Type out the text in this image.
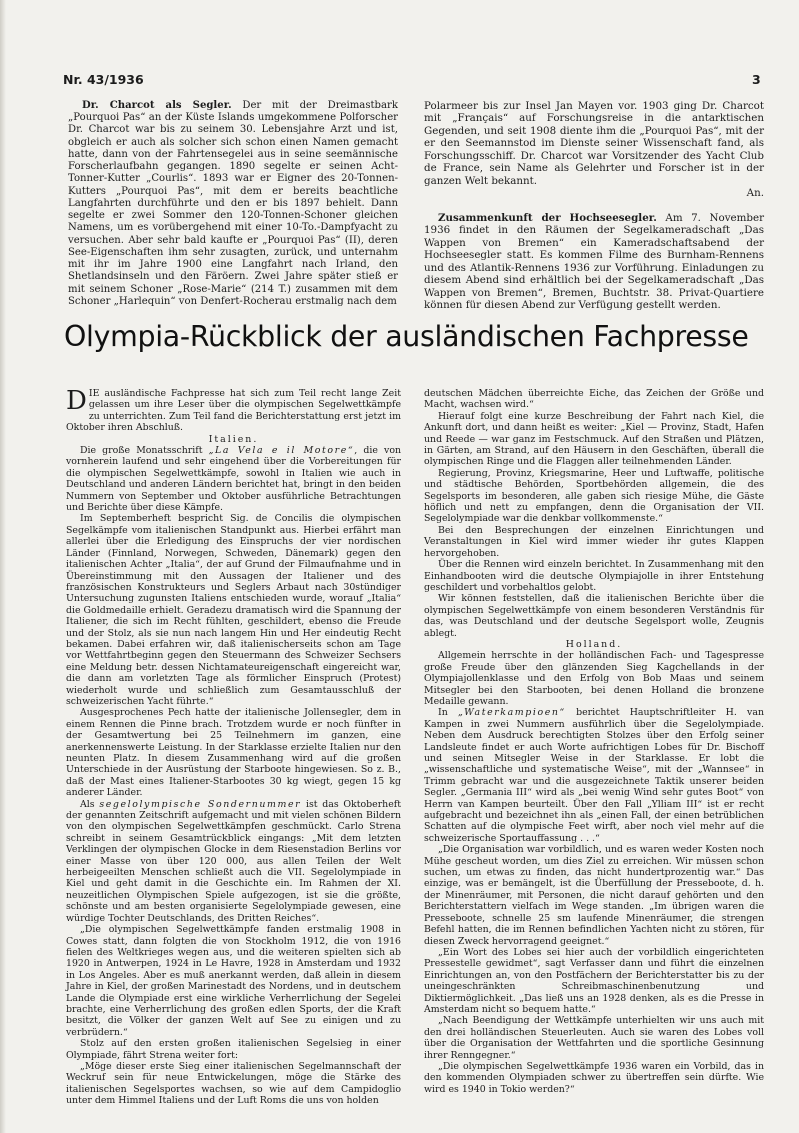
Nr. 43/1936	3

Dr. Charcot als Segler. Der mit der Dreimastbark „Pourquoi Pas“ an der Küste Islands umgekommene Polforscher Dr. Charcot war bis zu seinem 30. Lebensjahre Arzt und ist, obgleich er auch als solcher sich schon einen Namen gemacht hatte, dann von der Fahrtensegelei aus in seine seemännische Forscherlaufbahn gegangen. 1890 segelte er seinen Acht-Tonner-Kutter „Courlis“. 1893 war er Eigner des 20-Tonnen-Kutters „Pourquoi Pas“, mit dem er bereits beachtliche Langfahrten durchführte und den er bis 1897 behielt. Dann segelte er zwei Sommer den 120-Tonnen-Schoner gleichen Namens, um es vorübergehend mit einer 10-To.-Dampfyacht zu versuchen. Aber sehr bald kaufte er „Pourquoi Pas“ (II), deren See-Eigenschaften ihm sehr zusagten, zurück, und unternahm mit ihr im Jahre 1900 eine Langfahrt nach Irland, den Shetlandsinseln und den Färöern. Zwei Jahre später stieß er mit seinem Schoner „Rose-Marie“ (214 T.) zusammen mit dem Schoner „Harlequin“ von Denfert-Rocherau erstmalig nach dem

Polarmeer bis zur Insel Jan Mayen vor. 1903 ging Dr. Charcot mit „Français“ auf Forschungsreise in die antarktischen Gegenden, und seit 1908 diente ihm die „Pourquoi Pas“, mit der er den Seemannstod im Dienste seiner Wissenschaft fand, als Forschungsschiff. Dr. Charcot war Vorsitzender des Yacht Club de France, sein Name als Gelehrter und Forscher ist in der ganzen Welt bekannt.

An.

Zusammenkunft der Hochseesegler. Am 7. November 1936 findet in den Räumen der Segelkameradschaft „Das Wappen von Bremen“ ein Kameradschaftsabend der Hochseesegler statt. Es kommen Filme des Burnham-Rennens und des Atlantik-Rennens 1936 zur Vorführung. Einladungen zu diesem Abend sind erhältlich bei der Segelkameradschaft „Das Wappen von Bremen“, Bremen, Buchtstr. 38. Privat-Quartiere können für diesen Abend zur Verfügung gestellt werden.

Olympia-Rückblick der ausländischen Fachpresse

DIE ausländische Fachpresse hat sich zum Teil recht lange Zeit gelassen um ihre Leser über die olympischen Segelwettkämpfe zu unterrichten. Zum Teil fand die Berichterstattung erst jetzt im Oktober ihren Abschluß.

Italien.

Die große Monatsschrift „La Vela e il Motore“, die von vornherein laufend und sehr eingehend über die Vorbereitungen für die olympischen Segelwettkämpfe, sowohl in Italien wie auch in Deutschland und anderen Ländern berichtet hat, bringt in den beiden Nummern von September und Oktober ausführliche Betrachtungen und Berichte über diese Kämpfe.

Im Septemberheft bespricht Sig. de Concilis die olympischen Segelkämpfe vom italienischen Standpunkt aus. Hierbei erfährt man allerlei über die Erledigung des Einspruchs der vier nordischen Länder (Finnland, Norwegen, Schweden, Dänemark) gegen den italienischen Achter „Italia“, der auf Grund der Filmaufnahme und in Übereinstimmung mit den Aussagen der Italiener und des französischen Konstrukteurs und Seglers Arbaut nach 30stündiger Untersuchung zugunsten Italiens entschieden wurde, worauf „Italia“ die Goldmedaille erhielt. Geradezu dramatisch wird die Spannung der Italiener, die sich im Recht fühlten, geschildert, ebenso die Freude und der Stolz, als sie nun nach langem Hin und Her eindeutig Recht bekamen. Dabei erfahren wir, daß italienischerseits schon am Tage vor Wettfahrtbeginn gegen den Steuermann des Schweizer Sechsers eine Meldung betr. dessen Nichtamateureigenschaft eingereicht war, die dann am vorletzten Tage als förmlicher Einspruch (Protest) wiederholt wurde und schließlich zum Gesamtausschluß der schweizerischen Yacht führte.“

Ausgesprochenes Pech hatte der italienische Jollensegler, dem in einem Rennen die Pinne brach. Trotzdem wurde er noch fünfter in der Gesamtwertung bei 25 Teilnehmern im ganzen, eine anerkennenswerte Leistung. In der Starklasse erzielte Italien nur den neunten Platz. In diesem Zusammenhang wird auf die großen Unterschiede in der Ausrüstung der Starboote hingewiesen. So z. B., daß der Mast eines Italiener-Starbootes 30 kg wiegt, gegen 15 kg anderer Länder.

Als segelolympische Sondernummer ist das Oktoberheft der genannten Zeitschrift aufgemacht und mit vielen schönen Bildern von den olympischen Segelwettkämpfen geschmückt. Carlo Strena schreibt in seinem Gesamtrückblick eingangs: „Mit dem letzten Verklingen der olympischen Glocke in dem Riesenstadion Berlins vor einer Masse von über 120 000, aus allen Teilen der Welt herbeigeeilten Menschen schließt auch die VII. Segelolympiade in Kiel und geht damit in die Geschichte ein. Im Rahmen der XI. neuzeitlichen Olympischen Spiele aufgezogen, ist sie die größte, schönste und am besten organisierte Segelolympiade gewesen, eine würdige Tochter Deutschlands, des Dritten Reiches“.

„Die olympischen Segelwettkämpfe fanden erstmalig 1908 in Cowes statt, dann folgten die von Stockholm 1912, die von 1916 fielen des Weltkrieges wegen aus, und die weiteren spielten sich ab 1920 in Antwerpen, 1924 in Le Havre, 1928 in Amsterdam und 1932 in Los Angeles. Aber es muß anerkannt werden, daß allein in diesem Jahre in Kiel, der großen Marinestadt des Nordens, und in deutschem Lande die Olympiade erst eine wirkliche Verherrlichung der Segelei brachte, eine Verherrlichung des großen edlen Sports, der die Kraft besitzt, die Völker der ganzen Welt auf See zu einigen und zu verbrüdern.“

Stolz auf den ersten großen italienischen Segelsieg in einer Olympiade, fährt Strena weiter fort:

„Möge dieser erste Sieg einer italienischen Segelmannschaft der Weckruf sein für neue Entwickelungen, möge die Stärke des italienischen Segelsportes wachsen, so wie auf dem Campidoglio unter dem Himmel Italiens und der Luft Roms die uns von holden

deutschen Mädchen überreichte Eiche, das Zeichen der Größe und Macht, wachsen wird.“

Hierauf folgt eine kurze Beschreibung der Fahrt nach Kiel, die Ankunft dort, und dann heißt es weiter: „Kiel — Provinz, Stadt, Hafen und Reede — war ganz im Festschmuck. Auf den Straßen und Plätzen, in Gärten, am Strand, auf den Häusern in den Geschäften, überall die olympischen Ringe und die Flaggen aller teilnehmenden Länder.

Regierung, Provinz, Kriegsmarine, Heer und Luftwaffe, politische und städtische Behörden, Sportbehörden allgemein, die des Segelsports im besonderen, alle gaben sich riesige Mühe, die Gäste höflich und nett zu empfangen, denn die Organisation der VII. Segelolympiade war die denkbar vollkommenste.“

Bei den Besprechungen der einzelnen Einrichtungen und Veranstaltungen in Kiel wird immer wieder ihr gutes Klappen hervorgehoben.

Über die Rennen wird einzeln berichtet. In Zusammenhang mit den Einhandbooten wird die deutsche Olympiajolle in ihrer Entstehung geschildert und vorbehaltlos gelobt.

Wir können feststellen, daß die italienischen Berichte über die olympischen Segelwettkämpfe von einem besonderen Verständnis für das, was Deutschland und der deutsche Segelsport wolle, Zeugnis ablegt.

Holland.

Allgemein herrschte in der holländischen Fach- und Tagespresse große Freude über den glänzenden Sieg Kagchellands in der Olympiajollenklasse und den Erfolg von Bob Maas und seinem Mitsegler bei den Starbooten, bei denen Holland die bronzene Medaille gewann.

In „Waterkampioen“ berichtet Hauptschriftleiter H. van Kampen in zwei Nummern ausführlich über die Segelolympiade. Neben dem Ausdruck berechtigten Stolzes über den Erfolg seiner Landsleute findet er auch Worte aufrichtigen Lobes für Dr. Bischoff und seinen Mitsegler Weise in der Starklasse. Er lobt die „wissenschaftliche und systematische Weise“, mit der „Wannsee“ in Trimm gebracht war und die ausgezeichnete Taktik unserer beiden Segler. „Germania III“ wird als „bei wenig Wind sehr gutes Boot“ von Herrn van Kampen beurteilt. Über den Fall „Ylliam III“ ist er recht aufgebracht und bezeichnet ihn als „einen Fall, der einen betrüblichen Schatten auf die olympische Feet wirft, aber noch viel mehr auf die schweizerische Sportauffassung . . .“

„Die Organisation war vorbildlich, und es waren weder Kosten noch Mühe gescheut worden, um dies Ziel zu erreichen. Wir müssen schon suchen, um etwas zu finden, das nicht hundertprozentig war.“ Das einzige, was er bemängelt, ist die Überfüllung der Presseboote, d. h. der Minenräumer, mit Personen, die nicht darauf gehörten und den Berichterstattern vielfach im Wege standen. „Im übrigen waren die Presseboote, schnelle 25 sm laufende Minenräumer, die strengen Befehl hatten, die im Rennen befindlichen Yachten nicht zu stören, für diesen Zweck hervorragend geeignet.“

„Ein Wort des Lobes sei hier auch der vorbildlich eingerichteten Pressestelle gewidmet“, sagt Verfasser dann und führt die einzelnen Einrichtungen an, von den Postfächern der Berichterstatter bis zu der uneingeschränkten Schreibmaschinenbenutzung und Diktiermöglichkeit. „Das ließ uns an 1928 denken, als es die Presse in Amsterdam nicht so bequem hatte.“

„Nach Beendigung der Wettkämpfe unterhielten wir uns auch mit den drei holländischen Steuerleuten. Auch sie waren des Lobes voll über die Organisation der Wettfahrten und die sportliche Gesinnung ihrer Renngegner.“

„Die olympischen Segelwettkämpfe 1936 waren ein Vorbild, das in den kommenden Olympiaden schwer zu übertreffen sein dürfte. Wie wird es 1940 in Tokio werden?“
